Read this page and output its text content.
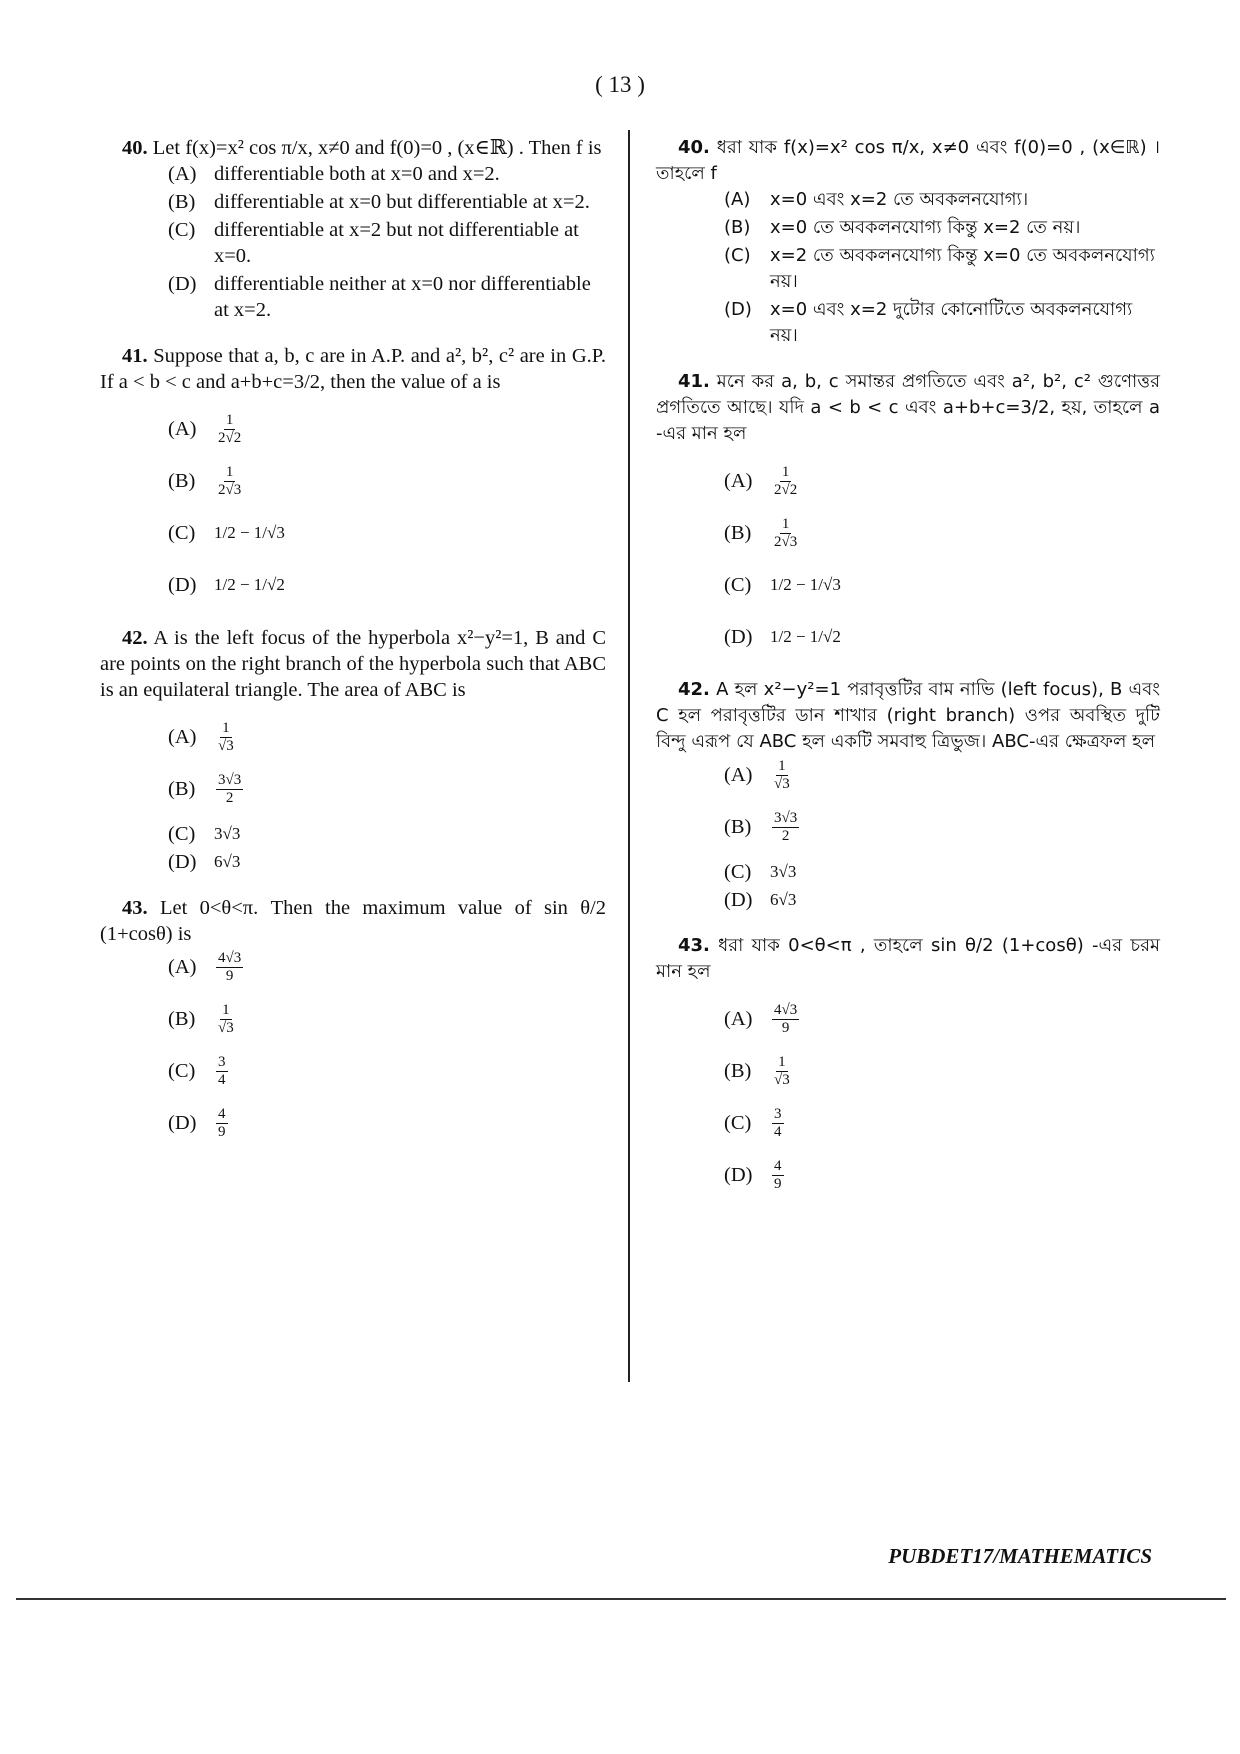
( 13 )
40. Let f(x)=x² cos π/x, x≠0 and f(0)=0 , (x∈ℝ) . Then f is
(A) differentiable both at x=0 and x=2.
(B) differentiable at x=0 but differentiable at x=2.
(C) differentiable at x=2 but not differentiable at x=0.
(D) differentiable neither at x=0 nor differentiable at x=2.
41. Suppose that a, b, c are in A.P. and a², b², c² are in G.P. If a < b < c and a+b+c=3/2, then the value of a is
(A)	$\frac{1}{2√2}$
(B)	$\frac{1}{2√3}$
(C)	1/2 − 1/√3
(D)	1/2 − 1/√2
42. A is the left focus of the hyperbola x²−y²=1, B and C are points on the right branch of the hyperbola such that ABC is an equilateral triangle. The area of ABC is
(A)	$\frac{1}{√3}$
(B)	$\frac{3√3}{2}$
(C)	3√3
(D)	6√3
43. Let 0<θ<π. Then the maximum value of sin θ/2 (1+cosθ) is
(A)	$\frac{4√3}{9}$
(B)	$\frac{1}{√3}$
(C)	$\frac{3}{4}$
(D)	$\frac{4}{9}$
40. ধরা যাক f(x)=x² cos π/x, x≠0 এবং f(0)=0 , (x∈ℝ) । তাহলে f
(A)	x=0 এবং x=2 তে অবকলনযোগ্য।
(B)	x=0 তে অবকলনযোগ্য কিন্তু x=2 তে নয়।
(C)	x=2 তে অবকলনযোগ্য কিন্তু x=0 তে অবকলনযোগ্য নয়।
(D)	x=0 এবং x=2 দুটোর কোনোটিতে অবকলনযোগ্য নয়।
41. মনে কর a, b, c সমান্তর প্রগতিতে এবং a², b², c² গুণোত্তর প্রগতিতে আছে। যদি a < b < c এবং a+b+c=3/2, হয়, তাহলে a -এর মান হল
(A)	$\frac{1}{2√2}$
(B)	$\frac{1}{2√3}$
(C)	1/2 − 1/√3
(D)	1/2 − 1/√2
42. A হল x²−y²=1 পরাবৃত্তটির বাম নাভি (left focus), B এবং C হল পরাবৃত্তটির ডান শাখার (right branch) ওপর অবস্থিত দুটি বিন্দু এরূপ যে ABC হল একটি সমবাহু ত্রিভুজ। ABC-এর ক্ষেত্রফল হল
(A)	$\frac{1}{√3}$
(B)	$\frac{3√3}{2}$
(C)	3√3
(D)	6√3
43. ধরা যাক 0<θ<π , তাহলে sin θ/2 (1+cosθ) -এর চরম মান হল
(A)	$\frac{4√3}{9}$
(B)	$\frac{1}{√3}$
(C)	$\frac{3}{4}$
(D)	$\frac{4}{9}$
PUBDET17/MATHEMATICS
